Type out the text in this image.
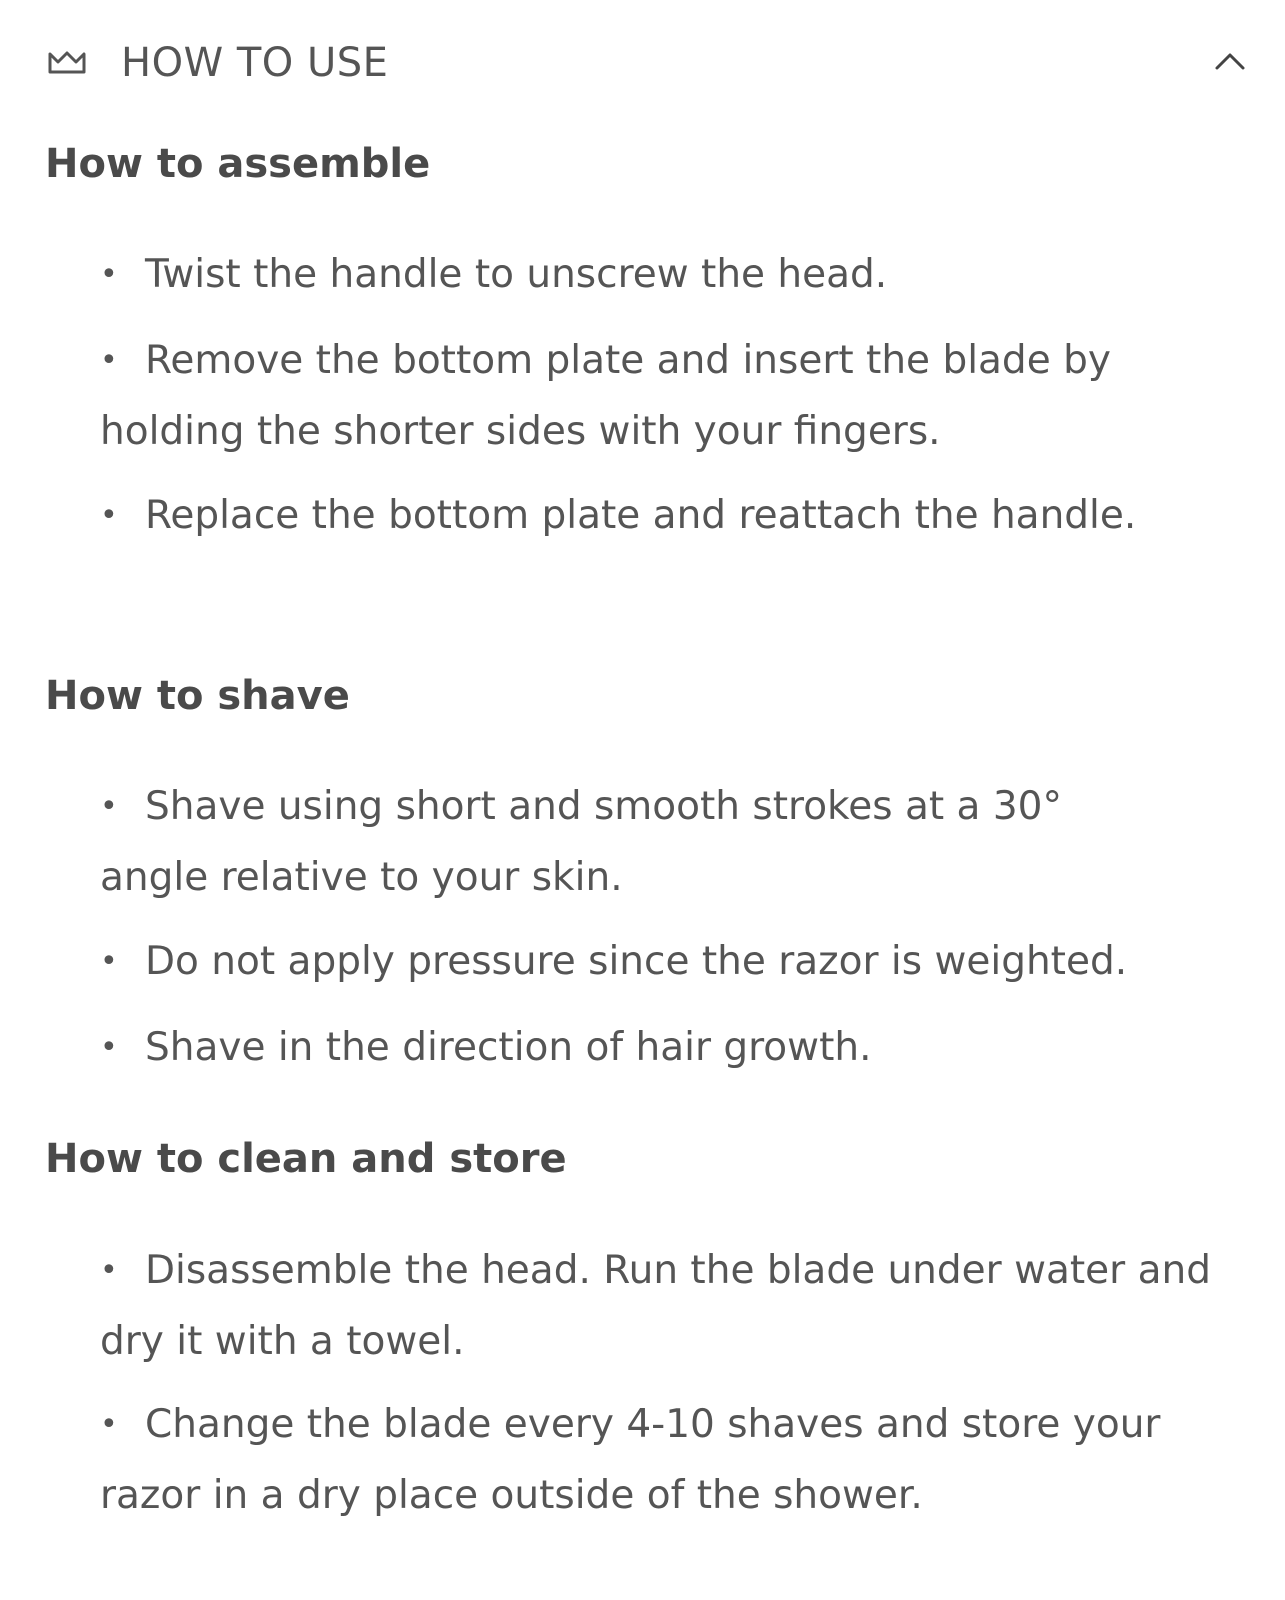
HOW TO USE
How to assemble

• Twist the handle to unscrew the head.

• Remove the bottom plate and insert the blade by holding the shorter sides with your fingers.

• Replace the bottom plate and reattach the handle.

How to shave

• Shave using short and smooth strokes at a 30° angle relative to your skin.

• Do not apply pressure since the razor is weighted.

• Shave in the direction of hair growth.

How to clean and store

• Disassemble the head. Run the blade under water and dry it with a towel.

• Change the blade every 4-10 shaves and store your razor in a dry place outside of the shower.
